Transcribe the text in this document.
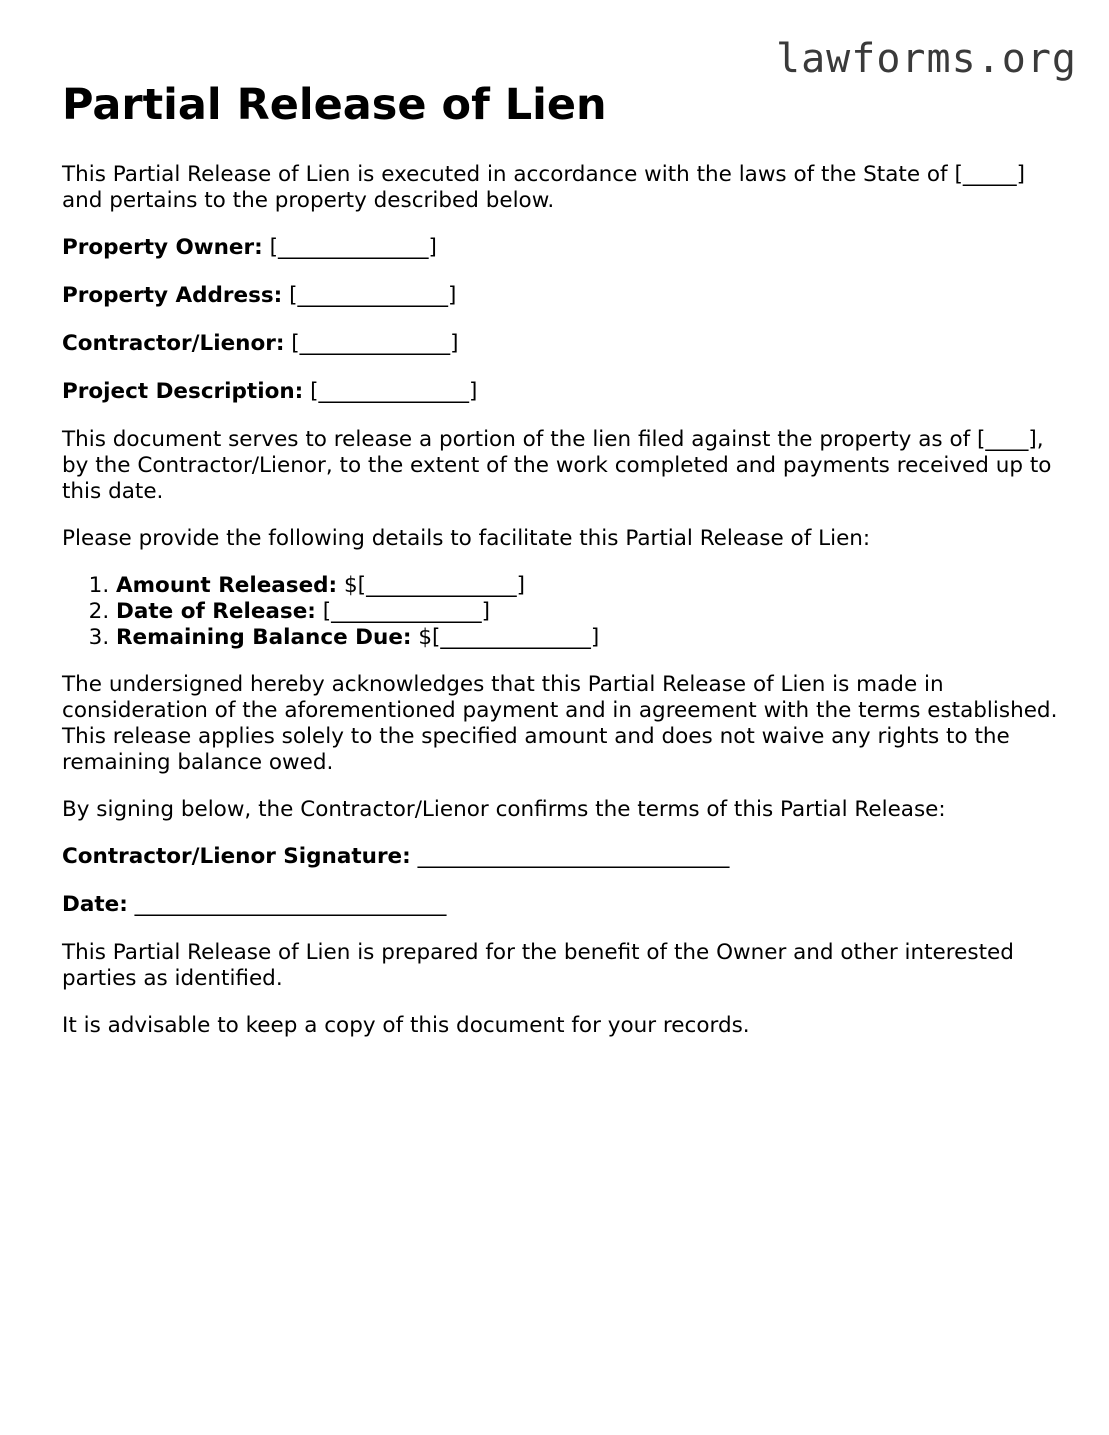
lawforms.org
Partial Release of Lien

This Partial Release of Lien is executed in accordance with the laws of the State of [_____] and pertains to the property described below.

Property Owner: [______________]
Property Address: [______________]
Contractor/Lienor: [______________]
Project Description: [______________]

This document serves to release a portion of the lien filed against the property as of [____], by the Contractor/Lienor, to the extent of the work completed and payments received up to this date.

Please provide the following details to facilitate this Partial Release of Lien:

1. Amount Released: $[______________]
2. Date of Release: [______________]
3. Remaining Balance Due: $[______________]

The undersigned hereby acknowledges that this Partial Release of Lien is made in consideration of the aforementioned payment and in agreement with the terms established. This release applies solely to the specified amount and does not waive any rights to the remaining balance owed.

By signing below, the Contractor/Lienor confirms the terms of this Partial Release:

Contractor/Lienor Signature: _____________________________
Date: _____________________________

This Partial Release of Lien is prepared for the benefit of the Owner and other interested parties as identified.

It is advisable to keep a copy of this document for your records.
